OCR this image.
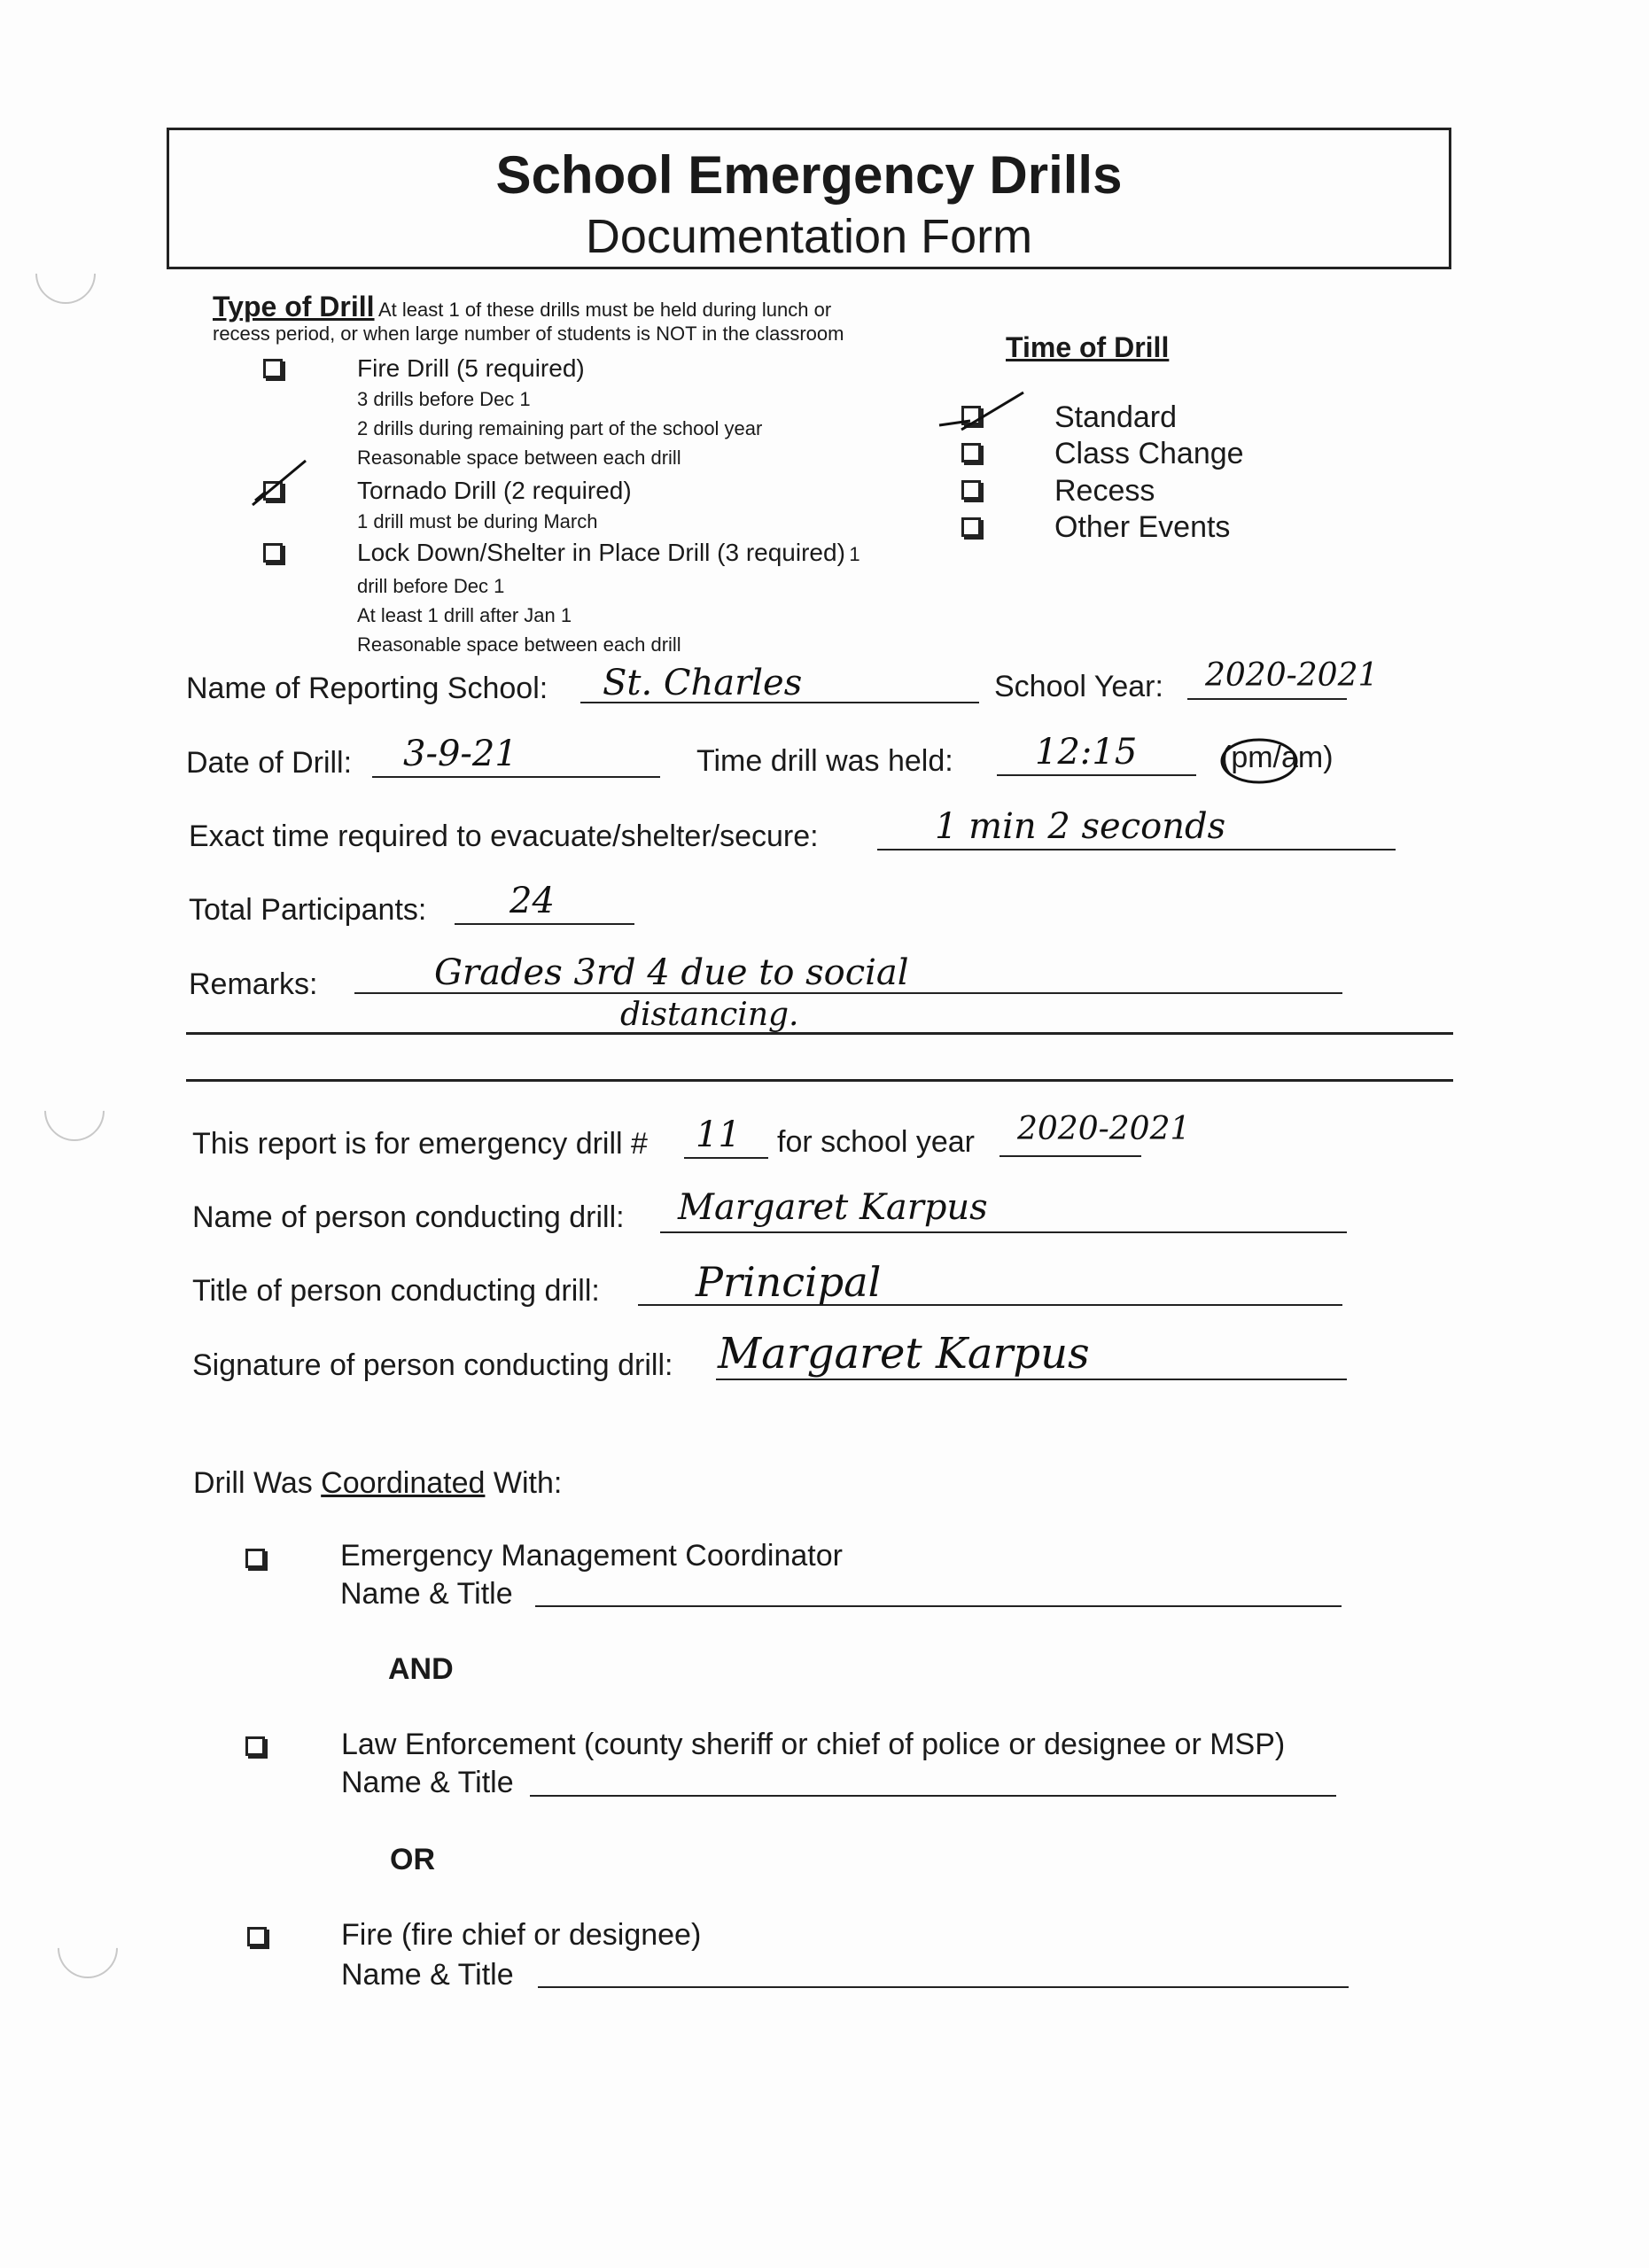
School Emergency Drills
Documentation Form
Type of Drill At least 1 of these drills must be held during lunch or
recess period, or when large number of students is NOT in the classroom
Fire Drill (5 required)
3 drills before Dec 1
2 drills during remaining part of the school year
Reasonable space between each drill
Tornado Drill (2 required)
1 drill must be during March
Lock Down/Shelter in Place Drill (3 required) 1
drill before Dec 1
At least 1 drill after Jan 1
Reasonable space between each drill
Time of Drill
Standard
Class Change
Recess
Other Events
Name of Reporting School: St. Charles	School Year: 2020-2021
Date of Drill: 3-9-21	Time drill was held: 12:15	(pm/am)
Exact time required to evacuate/shelter/secure:	1 min 2 seconds
Total Participants: 24
Remarks:	Grades 3rd 4 due to social
distancing.
This report is for emergency drill # 11 for school year 2020-2021
Name of person conducting drill: Margaret Karpus
Title of person conducting drill: Principal
Signature of person conducting drill: Margaret Karpus
Drill Was Coordinated With:
Emergency Management Coordinator
Name & Title
AND
Law Enforcement (county sheriff or chief of police or designee or MSP)
Name & Title
OR
Fire (fire chief or designee)
Name & Title
